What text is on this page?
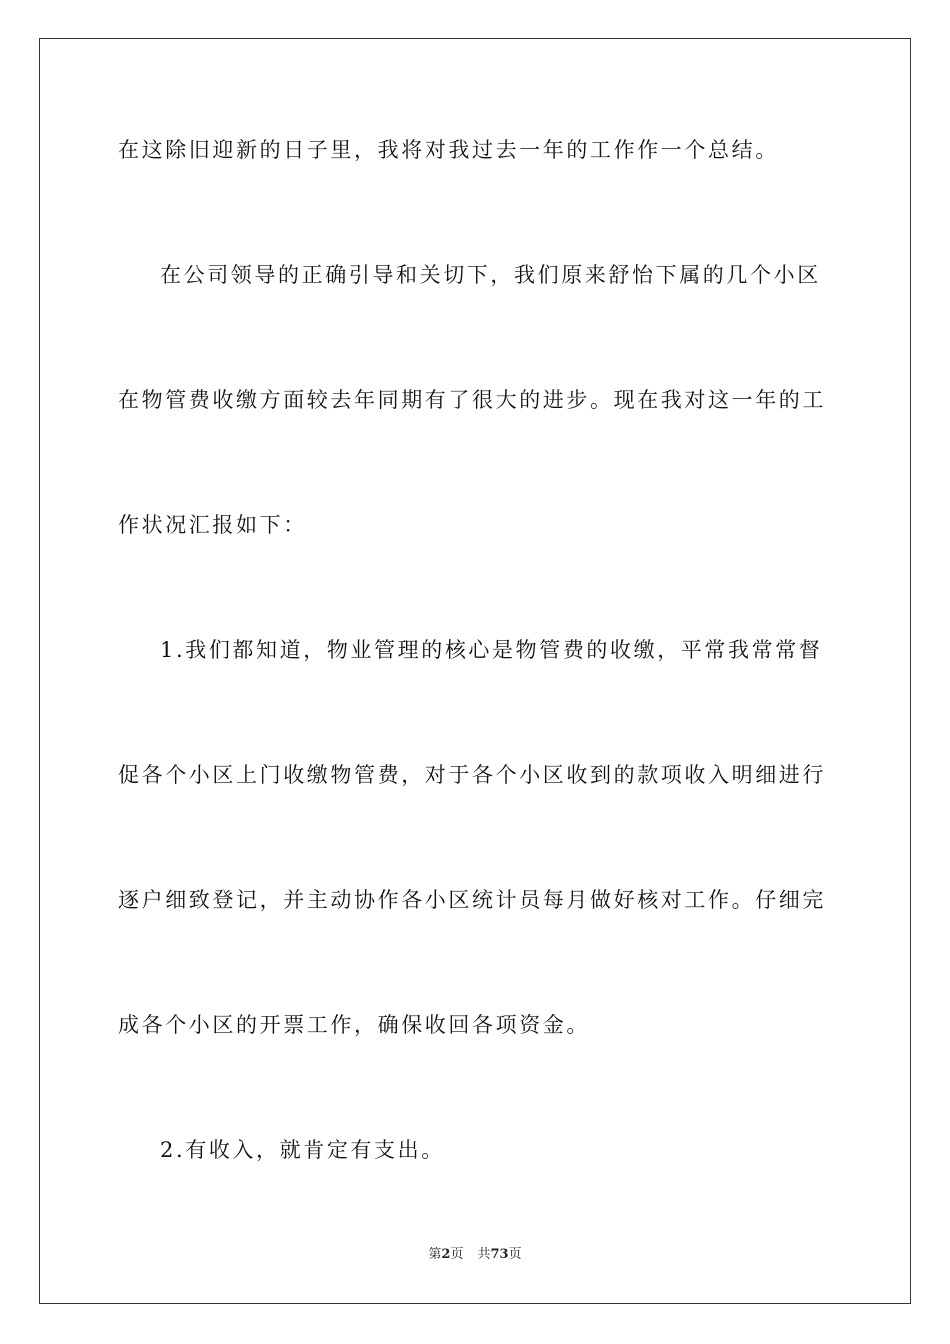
在这除旧迎新的日子里，我将对我过去一年的工作作一个总结。
在公司领导的正确引导和关切下，我们原来舒怡下属的几个小区
在物管费收缴方面较去年同期有了很大的进步。现在我对这一年的工
作状况汇报如下：
1.我们都知道，物业管理的核心是物管费的收缴，平常我常常督
促各个小区上门收缴物管费，对于各个小区收到的款项收入明细进行
逐户细致登记，并主动协作各小区统计员每月做好核对工作。仔细完
成各个小区的开票工作，确保收回各项资金。
2.有收入，就肯定有支出。
第2页 共73页
